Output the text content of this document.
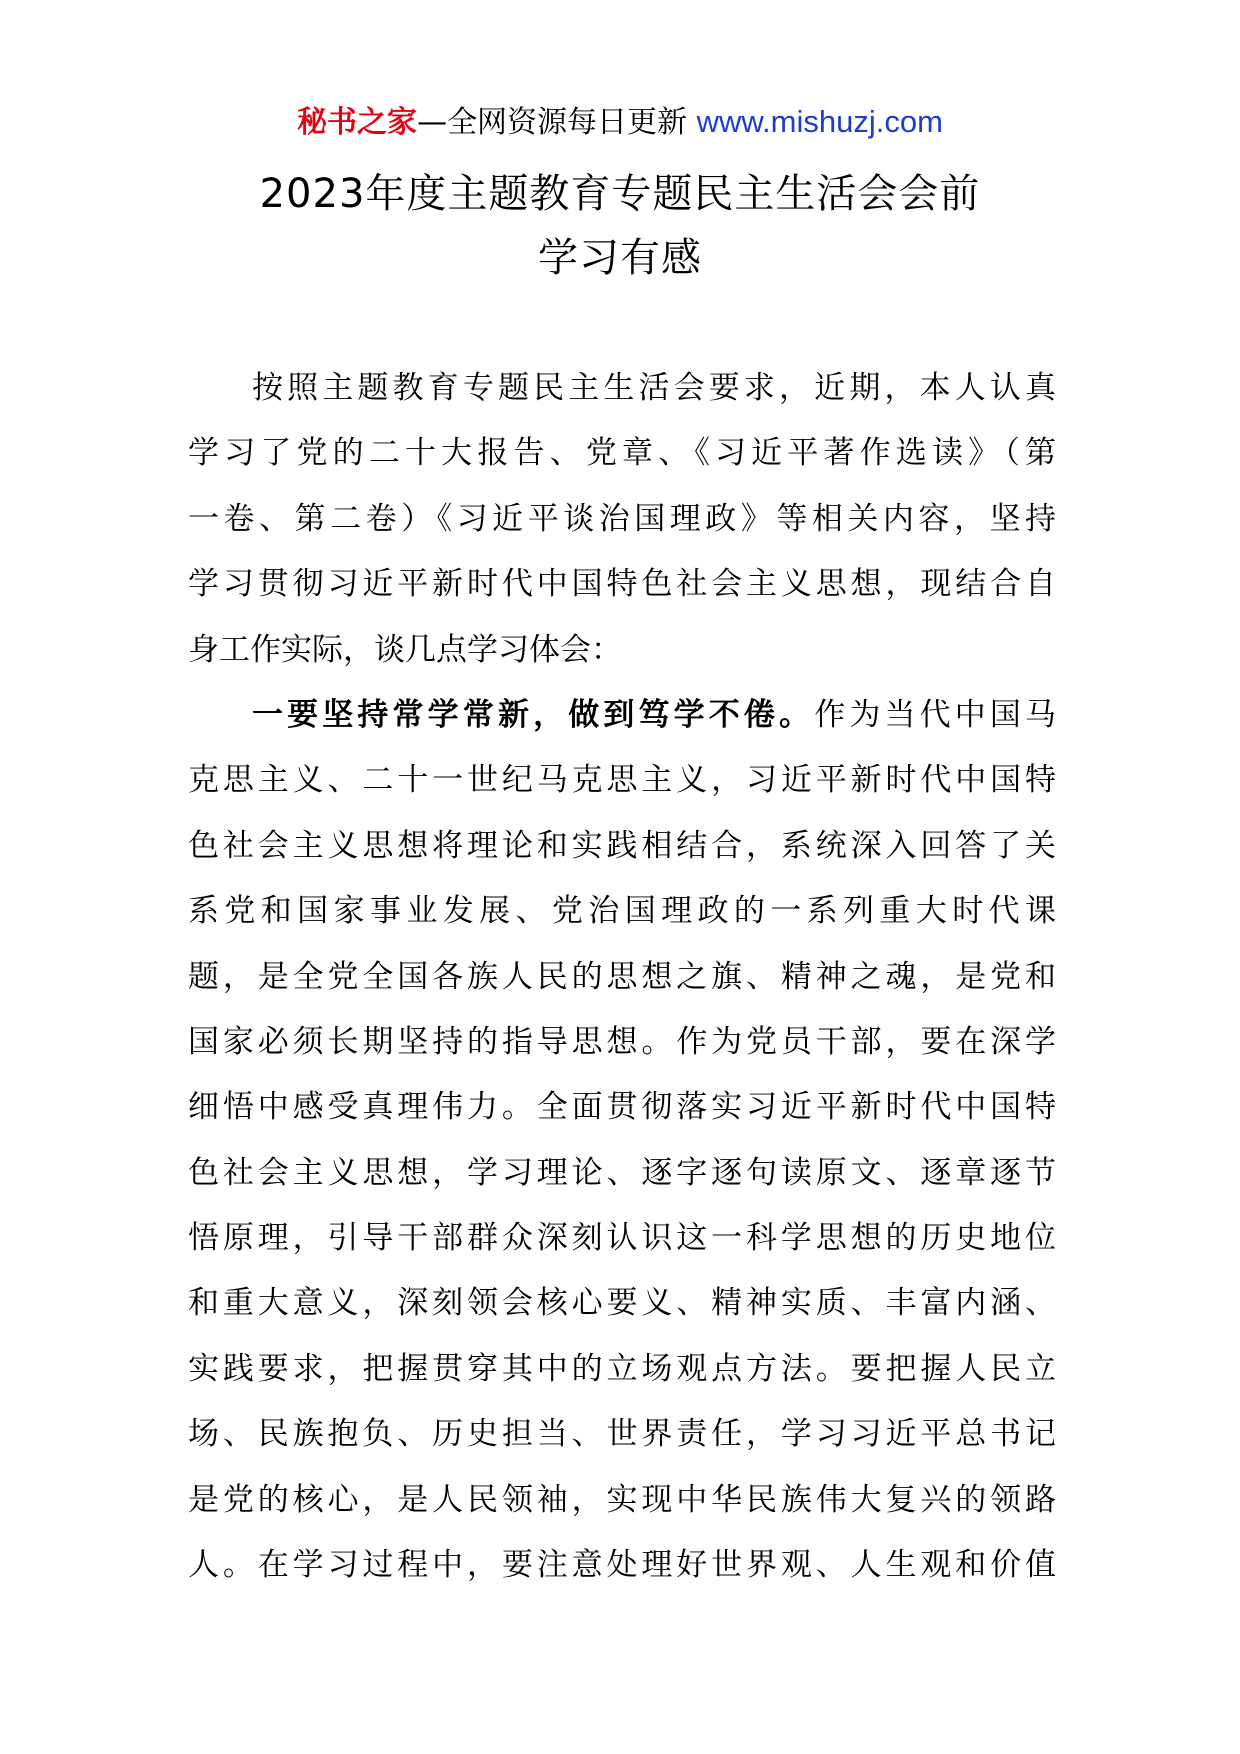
秘书之家—全网资源每日更新 www.mishuzj.com
2023年度主题教育专题民主生活会会前
学习有感
按照主题教育专题民主生活会要求，近期，本人认真
学习了党的二十大报告、党章、《习近平著作选读》（第
一卷、第二卷）《习近平谈治国理政》等相关内容，坚持
学习贯彻习近平新时代中国特色社会主义思想，现结合自
身工作实际，谈几点学习体会：
一要坚持常学常新，做到笃学不倦。作为当代中国马
克思主义、二十一世纪马克思主义，习近平新时代中国特
色社会主义思想将理论和实践相结合，系统深入回答了关
系党和国家事业发展、党治国理政的一系列重大时代课
题，是全党全国各族人民的思想之旗、精神之魂，是党和
国家必须长期坚持的指导思想。作为党员干部，要在深学
细悟中感受真理伟力。全面贯彻落实习近平新时代中国特
色社会主义思想，学习理论、逐字逐句读原文、逐章逐节
悟原理，引导干部群众深刻认识这一科学思想的历史地位
和重大意义，深刻领会核心要义、精神实质、丰富内涵、
实践要求，把握贯穿其中的立场观点方法。要把握人民立
场、民族抱负、历史担当、世界责任，学习习近平总书记
是党的核心，是人民领袖，实现中华民族伟大复兴的领路
人。在学习过程中，要注意处理好世界观、人生观和价值
